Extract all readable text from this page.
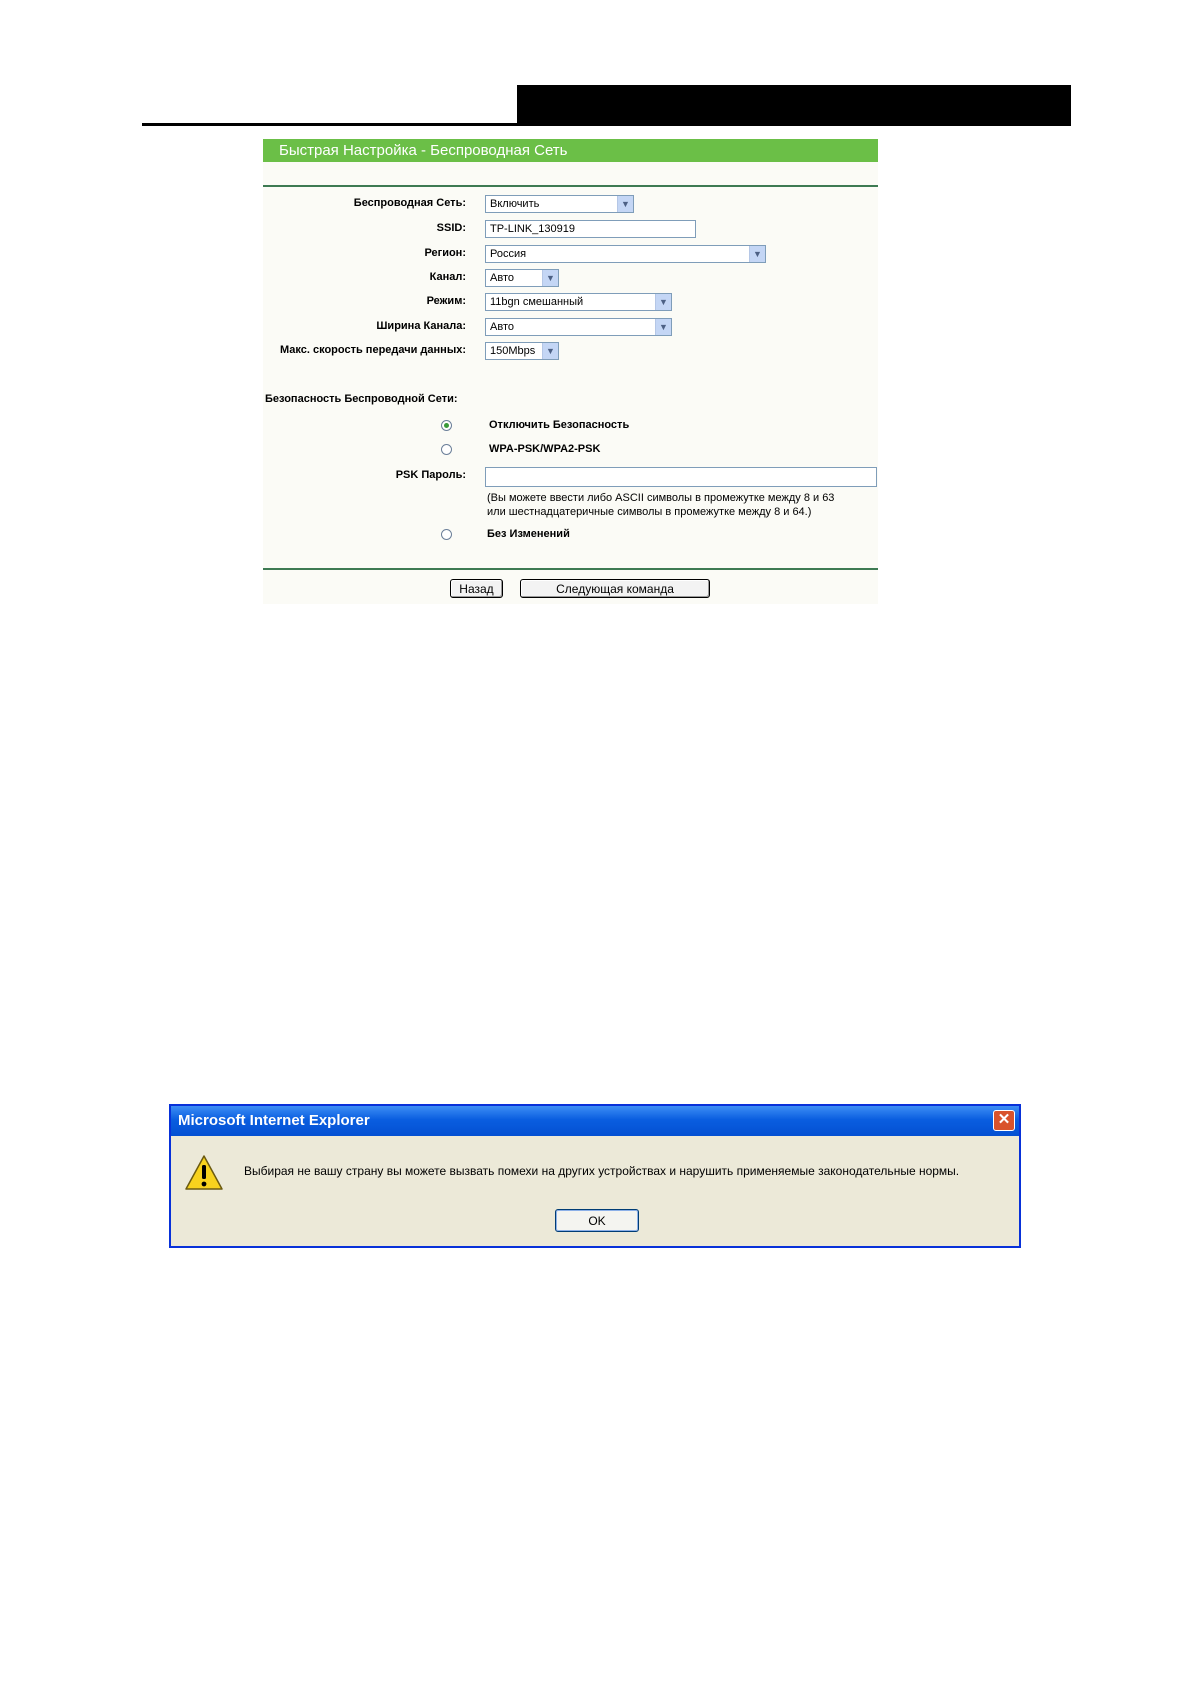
Быстрая Настройка - Беспроводная Сеть
Беспроводная Сеть:	Включить	▼
SSID:	TP-LINK_130919
Регион:	Россия	▼
Канал:	Авто	▼
Режим:	11bgn смешанный	▼
Ширина Канала:	Авто	▼
Макс. скорость передачи данных:	150Mbps	▼
Безопасность Беспроводной Сети:
Отключить Безопасность
WPA-PSK/WPA2-PSK
PSK Пароль:
(Вы можете ввести либо ASCII символы в промежутке между 8 и 63
или шестнадцатеричные символы в промежутке между 8 и 64.)
Без Изменений
Назад	Следующая команда
Microsoft Internet Explorer	✕
Выбирая не вашу страну вы можете вызвать помехи на других устройствах и нарушить применяемые законодательные нормы.
OK
